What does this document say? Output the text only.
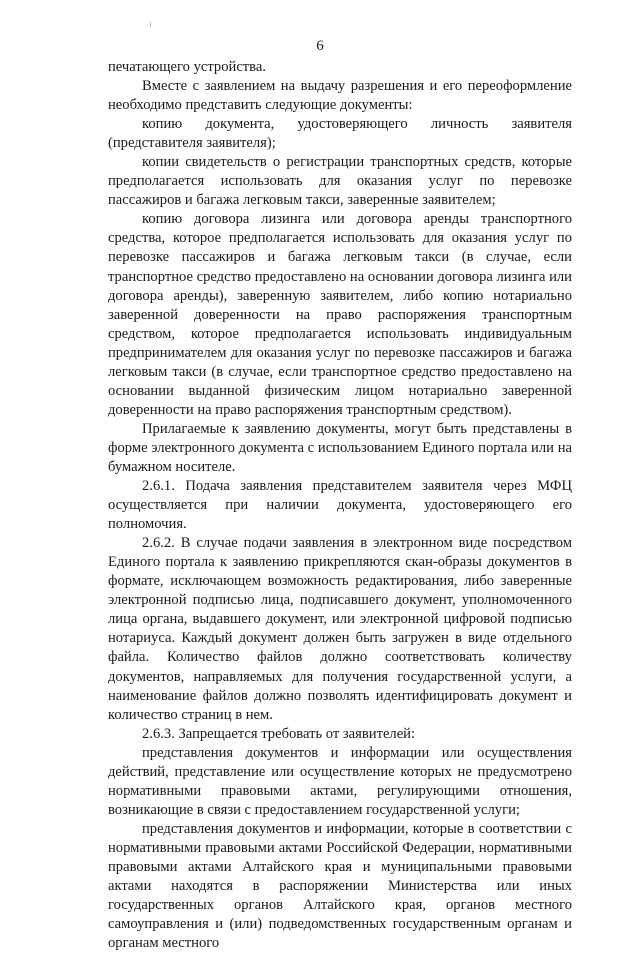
6

печатающего устройства.

Вместе с заявлением на выдачу разрешения и его переоформление необходимо представить следующие документы:

копию документа, удостоверяющего личность заявителя (представителя заявителя);

копии свидетельств о регистрации транспортных средств, которые предполагается использовать для оказания услуг по перевозке пассажиров и багажа легковым такси, заверенные заявителем;

копию договора лизинга или договора аренды транспортного средства, которое предполагается использовать для оказания услуг по перевозке пассажиров и багажа легковым такси (в случае, если транспортное средство предоставлено на основании договора лизинга или договора аренды), заверенную заявителем, либо копию нотариально заверенной доверенности на право распоряжения транспортным средством, которое предполагается использовать индивидуальным предпринимателем для оказания услуг по перевозке пассажиров и багажа легковым такси (в случае, если транспортное средство предоставлено на основании выданной физическим лицом нотариально заверенной доверенности на право распоряжения транспортным средством).

Прилагаемые к заявлению документы, могут быть представлены в форме электронного документа с использованием Единого портала или на бумажном носителе.

2.6.1. Подача заявления представителем заявителя через МФЦ осуществляется при наличии документа, удостоверяющего его полномочия.

2.6.2. В случае подачи заявления в электронном виде посредством Единого портала к заявлению прикрепляются скан-образы документов в формате, исключающем возможность редактирования, либо заверенные электронной подписью лица, подписавшего документ, уполномоченного лица органа, выдавшего документ, или электронной цифровой подписью нотариуса. Каждый документ должен быть загружен в виде отдельного файла. Количество файлов должно соответствовать количеству документов, направляемых для получения государственной услуги, а наименование файлов должно позволять идентифицировать документ и количество страниц в нем.

2.6.3. Запрещается требовать от заявителей:

представления документов и информации или осуществления действий, представление или осуществление которых не предусмотрено нормативными правовыми актами, регулирующими отношения, возникающие в связи с предоставлением государственной услуги;

представления документов и информации, которые в соответствии с нормативными правовыми актами Российской Федерации, нормативными правовыми актами Алтайского края и муниципальными правовыми актами находятся в распоряжении Министерства или иных государственных органов Алтайского края, органов местного самоуправления и (или) подведомственных государственным органам и органам местного
